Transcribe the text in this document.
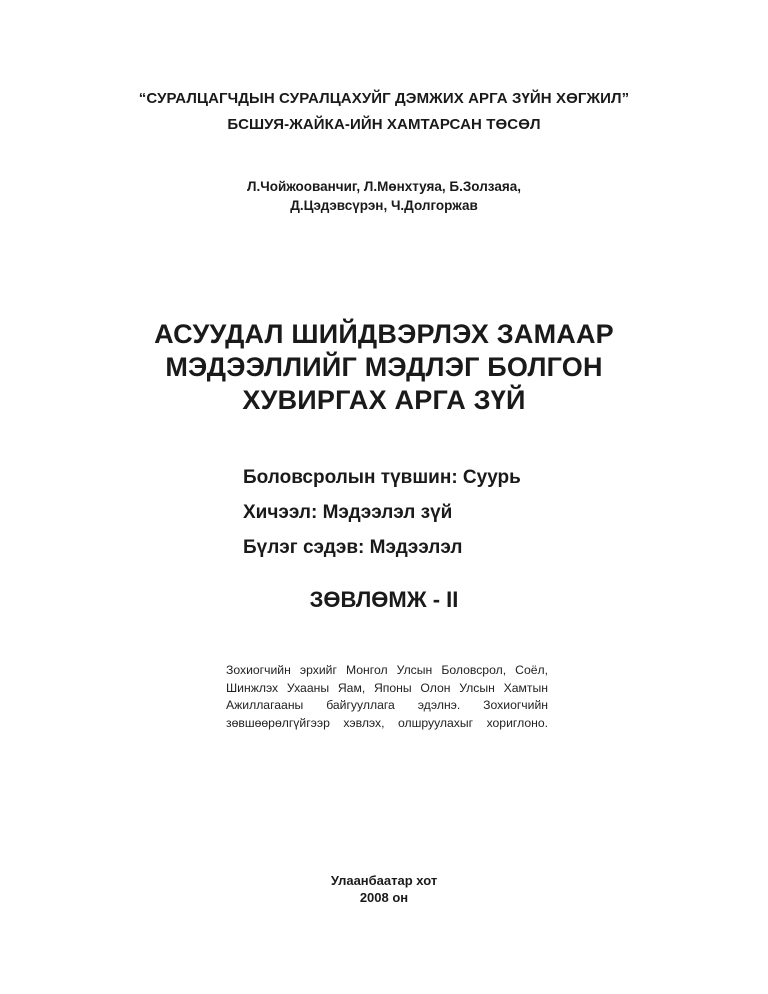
“СУРАЛЦАГЧДЫН СУРАЛЦАХУЙГ ДЭМЖИХ АРГА ЗҮЙН ХӨГЖИЛ”
БСШУЯ-ЖАЙКА-ИЙН ХАМТАРСАН ТӨСӨЛ
Л.Чойжоованчиг, Л.Мөнхтуяа, Б.Золзаяа,
Д.Цэдэвсүрэн, Ч.Долгоржав
АСУУДАЛ ШИЙДВЭРЛЭХ ЗАМААР
МЭДЭЭЛЛИЙГ МЭДЛЭГ БОЛГОН
ХУВИРГАХ АРГА ЗҮЙ
Боловсролын түвшин: Суурь
Хичээл: Мэдээлэл зүй
Бүлэг сэдэв: Мэдээлэл
ЗӨВЛӨМЖ - II
Зохиогчийн эрхийг Монгол Улсын Боловсрол, Соёл,
Шинжлэх Ухааны Яам, Японы Олон Улсын Хамтын
Ажиллагааны байгууллага эдэлнэ. Зохиогчийн
зөвшөөрөлгүйгээр хэвлэх, олшруулахыг хориглоно.
Улаанбаатар хот
2008 он
